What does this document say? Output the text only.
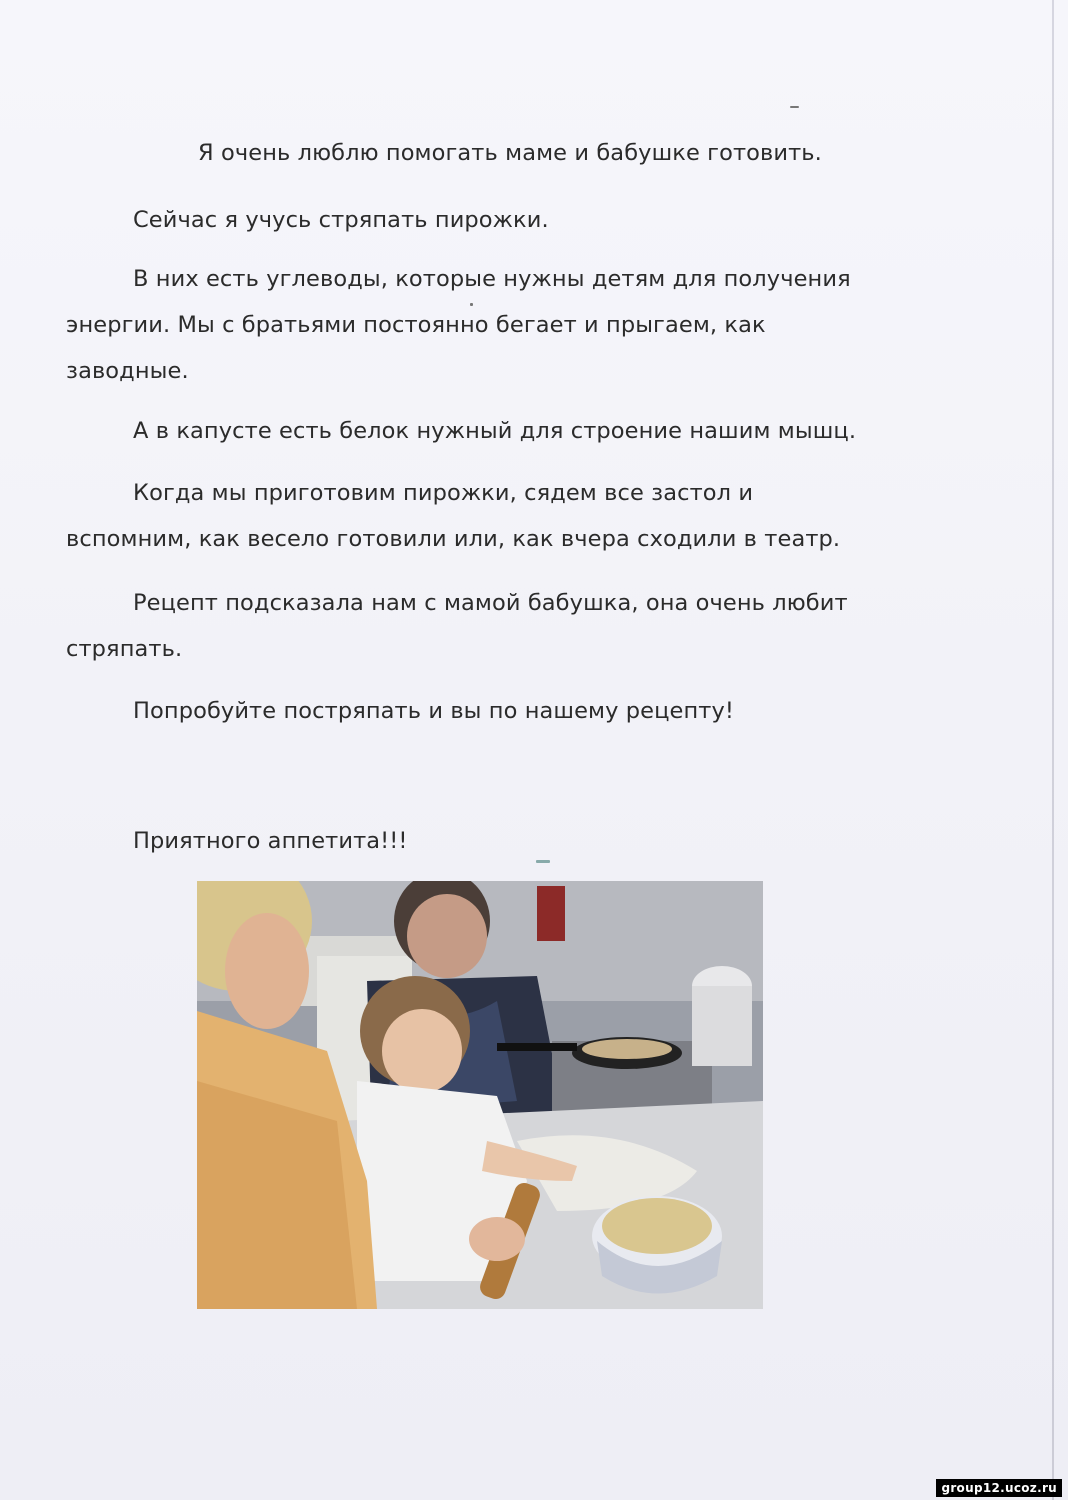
Я очень люблю помогать маме и бабушке готовить.

Сейчас я учусь стряпать пирожки.

В них есть углеводы, которые нужны детям для получения
энергии. Мы с братьями постоянно бегает и прыгаем, как
заводные.

А в капусте есть белок нужный для строение нашим мышц.

Когда мы приготовим пирожки, сядем все застол и
вспомним, как весело готовили или, как вчера сходили в театр.

Рецепт подсказала нам с мамой бабушка, она очень любит
стряпать.

Попробуйте постряпать и вы по нашему рецепту!

Приятного аппетита!!!

group12.ucoz.ru
